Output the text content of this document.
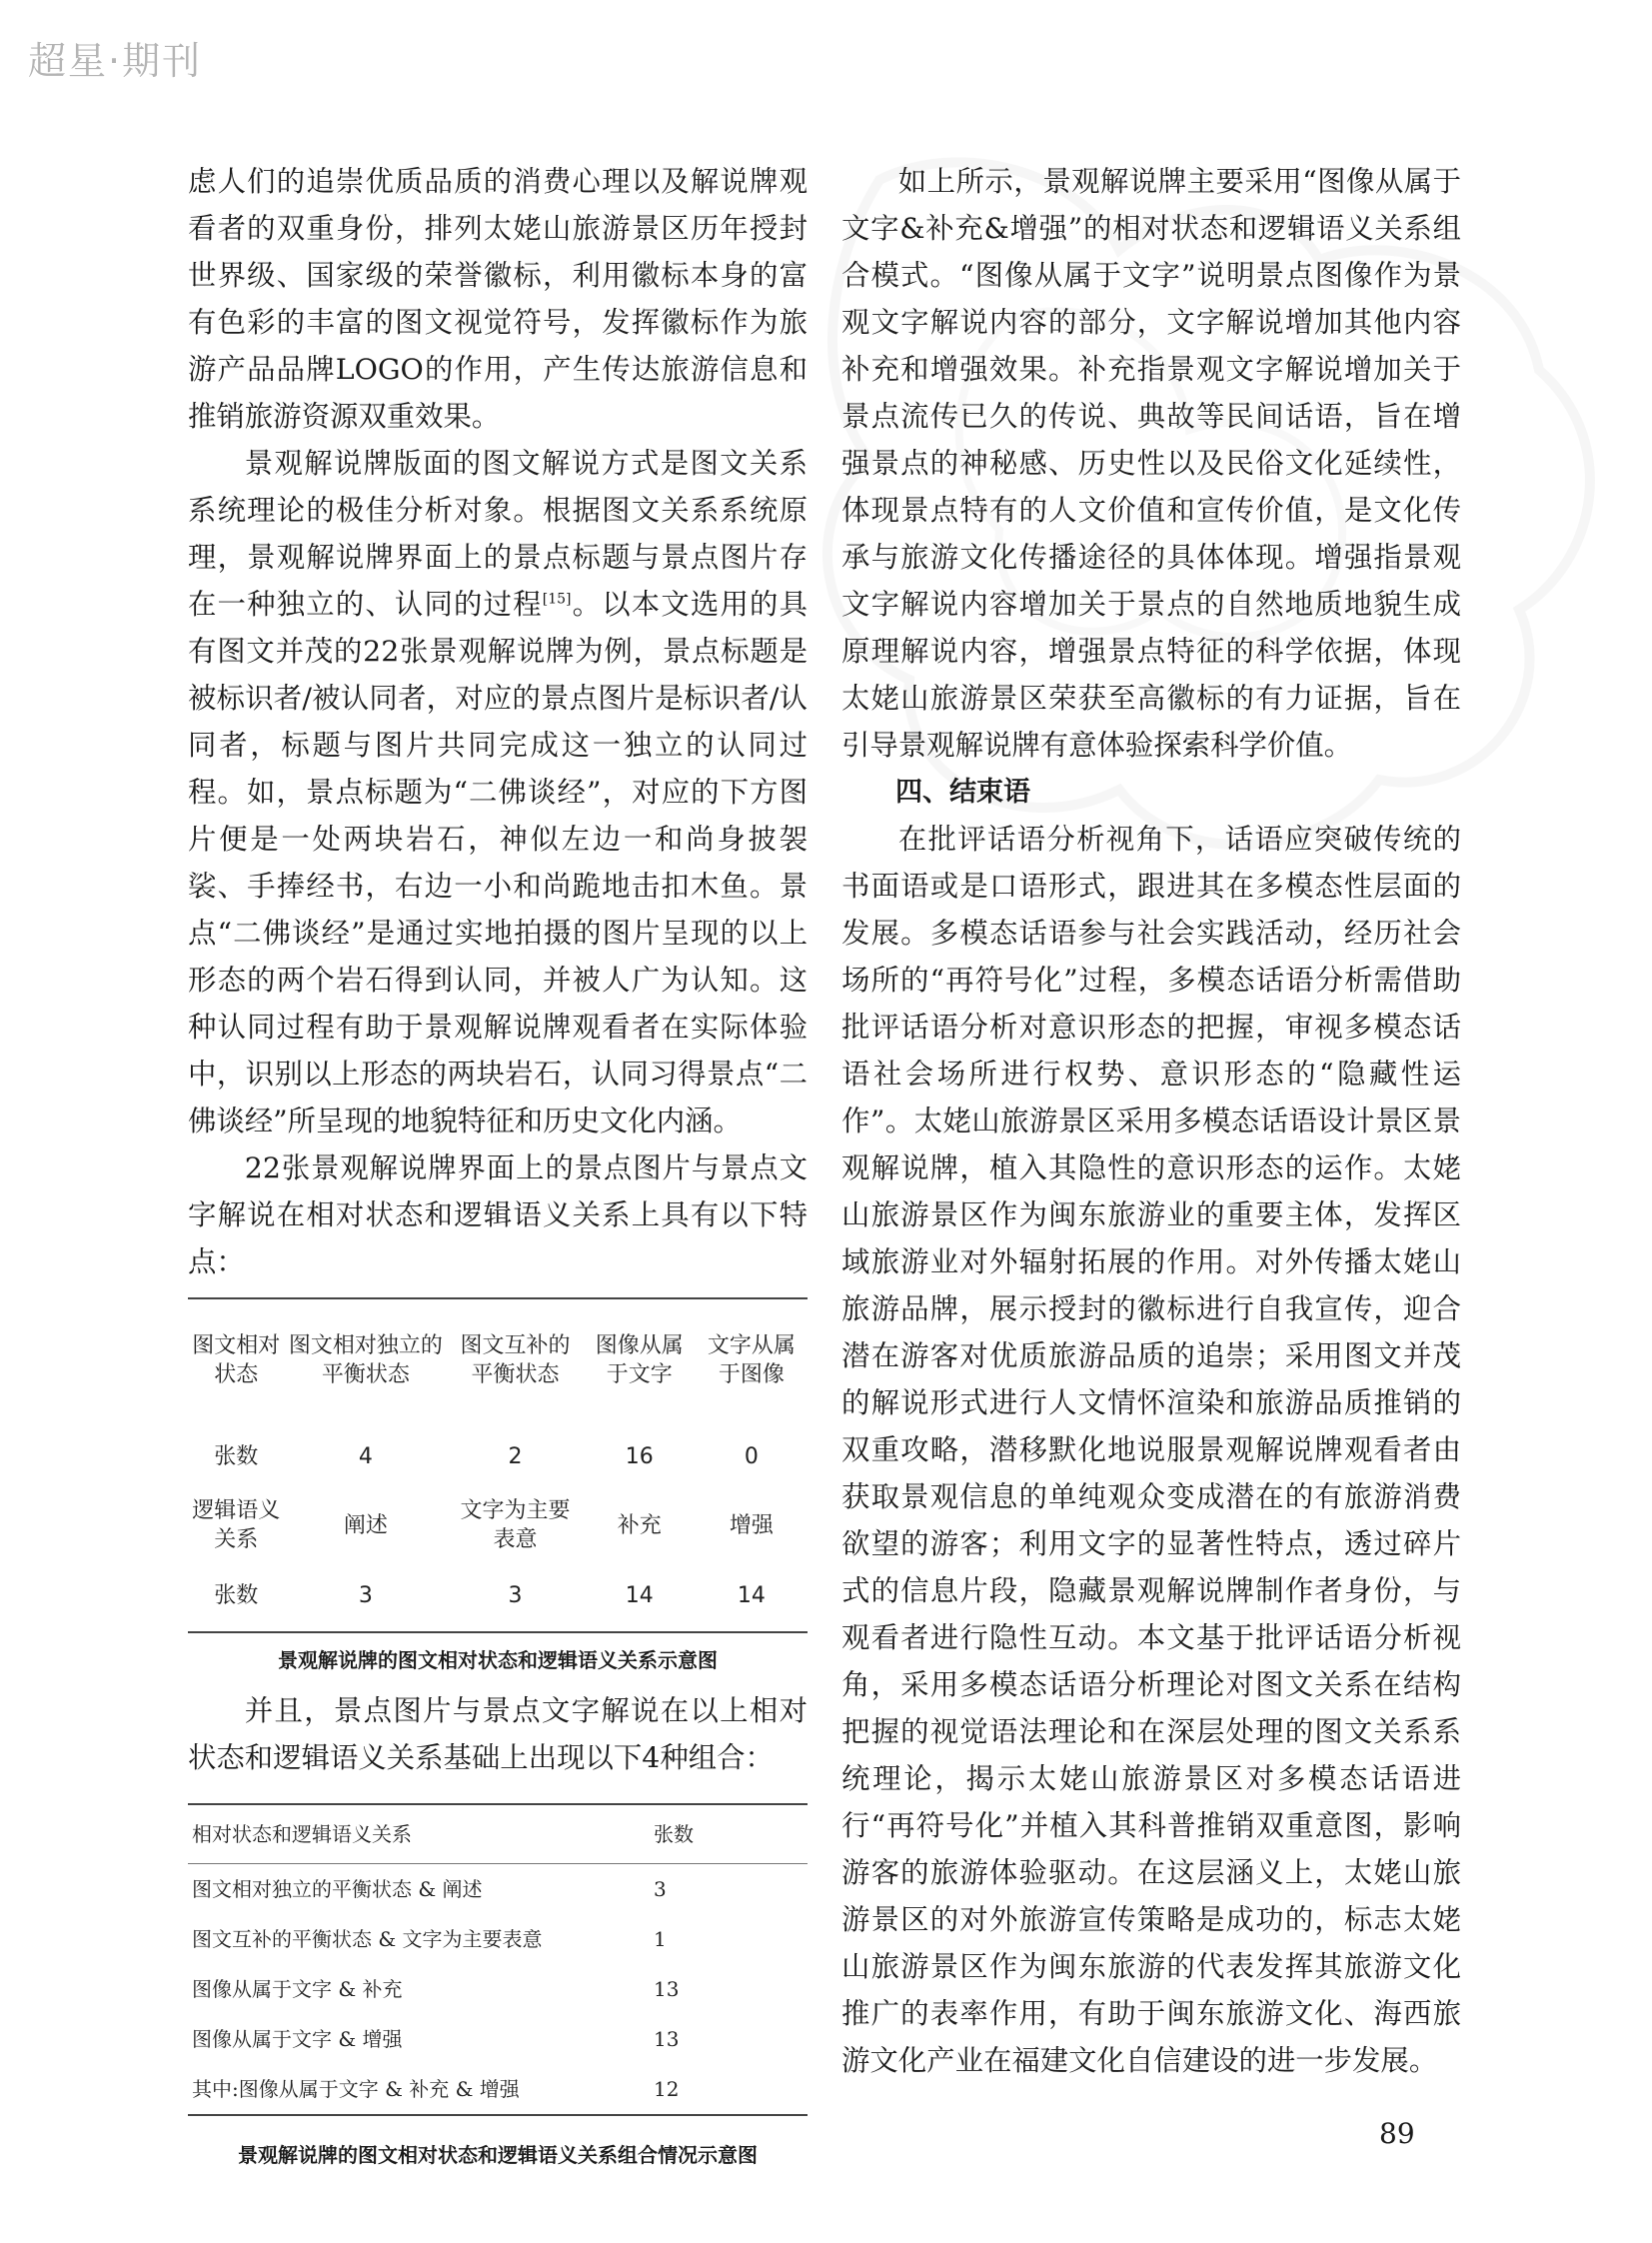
超星·期刊

虑人们的追崇优质品质的消费心理以及解说牌观看者的双重身份，排列太姥山旅游景区历年授封世界级、国家级的荣誉徽标，利用徽标本身的富有色彩的丰富的图文视觉符号，发挥徽标作为旅游产品品牌LOGO的作用，产生传达旅游信息和推销旅游资源双重效果。

景观解说牌版面的图文解说方式是图文关系系统理论的极佳分析对象。根据图文关系系统原理，景观解说牌界面上的景点标题与景点图片存在一种独立的、认同的过程[15]。以本文选用的具有图文并茂的22张景观解说牌为例，景点标题是被标识者/被认同者，对应的景点图片是标识者/认同者，标题与图片共同完成这一独立的认同过程。如，景点标题为“二佛谈经”，对应的下方图片便是一处两块岩石，神似左边一和尚身披袈裟、手捧经书，右边一小和尚跪地击扣木鱼。景点“二佛谈经”是通过实地拍摄的图片呈现的以上形态的两个岩石得到认同，并被人广为认知。这种认同过程有助于景观解说牌观看者在实际体验中，识别以上形态的两块岩石，认同习得景点“二佛谈经”所呈现的地貌特征和历史文化内涵。

22张景观解说牌界面上的景点图片与景点文字解说在相对状态和逻辑语义关系上具有以下特点：

图文相对状态	图文相对独立的平衡状态	图文互补的平衡状态	图像从属于文字	文字从属于图像
张数	4	2	16	0
逻辑语义关系	阐述	文字为主要表意	补充	增强
张数	3	3	14	14
景观解说牌的图文相对状态和逻辑语义关系示意图

并且，景点图片与景点文字解说在以上相对状态和逻辑语义关系基础上出现以下4种组合：

相对状态和逻辑语义关系	张数
图文相对独立的平衡状态 & 阐述	3
图文互补的平衡状态 & 文字为主要表意	1
图像从属于文字 & 补充	13
图像从属于文字 & 增强	13
其中:图像从属于文字 & 补充 & 增强	12
景观解说牌的图文相对状态和逻辑语义关系组合情况示意图

如上所示，景观解说牌主要采用“图像从属于文字&补充&增强”的相对状态和逻辑语义关系组合模式。“图像从属于文字”说明景点图像作为景观文字解说内容的部分，文字解说增加其他内容补充和增强效果。补充指景观文字解说增加关于景点流传已久的传说、典故等民间话语，旨在增强景点的神秘感、历史性以及民俗文化延续性，体现景点特有的人文价值和宣传价值，是文化传承与旅游文化传播途径的具体体现。增强指景观文字解说内容增加关于景点的自然地质地貌生成原理解说内容，增强景点特征的科学依据，体现太姥山旅游景区荣获至高徽标的有力证据，旨在引导景观解说牌有意体验探索科学价值。

四、结束语

在批评话语分析视角下，话语应突破传统的书面语或是口语形式，跟进其在多模态性层面的发展。多模态话语参与社会实践活动，经历社会场所的“再符号化”过程，多模态话语分析需借助批评话语分析对意识形态的把握，审视多模态话语社会场所进行权势、意识形态的“隐藏性运作”。太姥山旅游景区采用多模态话语设计景区景观解说牌，植入其隐性的意识形态的运作。太姥山旅游景区作为闽东旅游业的重要主体，发挥区域旅游业对外辐射拓展的作用。对外传播太姥山旅游品牌，展示授封的徽标进行自我宣传，迎合潜在游客对优质旅游品质的追崇；采用图文并茂的解说形式进行人文情怀渲染和旅游品质推销的双重攻略，潜移默化地说服景观解说牌观看者由获取景观信息的单纯观众变成潜在的有旅游消费欲望的游客；利用文字的显著性特点，透过碎片式的信息片段，隐藏景观解说牌制作者身份，与观看者进行隐性互动。本文基于批评话语分析视角，采用多模态话语分析理论对图文关系在结构把握的视觉语法理论和在深层处理的图文关系系统理论，揭示太姥山旅游景区对多模态话语进行“再符号化”并植入其科普推销双重意图，影响游客的旅游体验驱动。在这层涵义上，太姥山旅游景区的对外旅游宣传策略是成功的，标志太姥山旅游景区作为闽东旅游的代表发挥其旅游文化推广的表率作用，有助于闽东旅游文化、海西旅游文化产业在福建文化自信建设的进一步发展。

89
